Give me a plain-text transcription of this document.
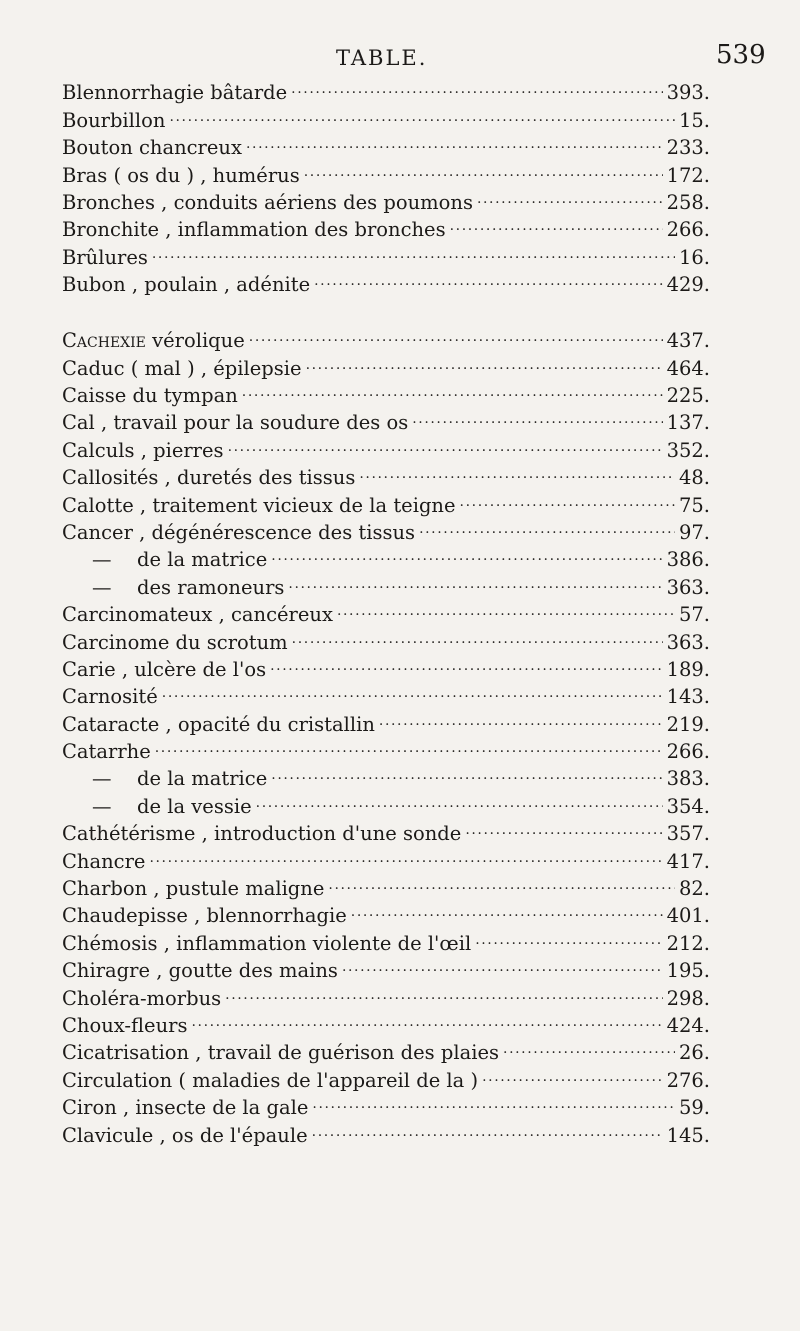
TABLE.	539
Blennorrhagie bâtarde .....	393.
Bourbillon .....	15.
Bouton chancreux .....	233.
Bras ( os du ) , humérus .....	172.
Bronches , conduits aériens des poumons .....	258.
Bronchite , inflammation des bronches .....	266.
Brûlures .....	16.
Bubon , poulain , adénite .....	429.
Cachexie vérolique .....	437.
Caduc ( mal ) , épilepsie .....	464.
Caisse du tympan .....	225.
Cal , travail pour la soudure des os .....	137.
Calculs , pierres .....	352.
Callosités , duretés des tissus .....	48.
Calotte , traitement vicieux de la teigne .....	75.
Cancer , dégénérescence des tissus .....	97.
— de la matrice .....	386.
— des ramoneurs .....	363.
Carcinomateux , cancéreux .....	57.
Carcinome du scrotum .....	363.
Carie , ulcère de l'os .....	189.
Carnosité .....	143.
Cataracte , opacité du cristallin .....	219.
Catarrhe .....	266.
— de la matrice .....	383.
— de la vessie .....	354.
Cathétérisme , introduction d'une sonde .....	357.
Chancre .....	417.
Charbon , pustule maligne .....	82.
Chaudepisse , blennorrhagie .....	401.
Chémosis , inflammation violente de l'œil .....	212.
Chiragre , goutte des mains .....	195.
Choléra-morbus .....	298.
Choux-fleurs .....	424.
Cicatrisation , travail de guérison des plaies .....	26.
Circulation ( maladies de l'appareil de la ) .....	276.
Ciron , insecte de la gale .....	59.
Clavicule , os de l'épaule .....	145.
